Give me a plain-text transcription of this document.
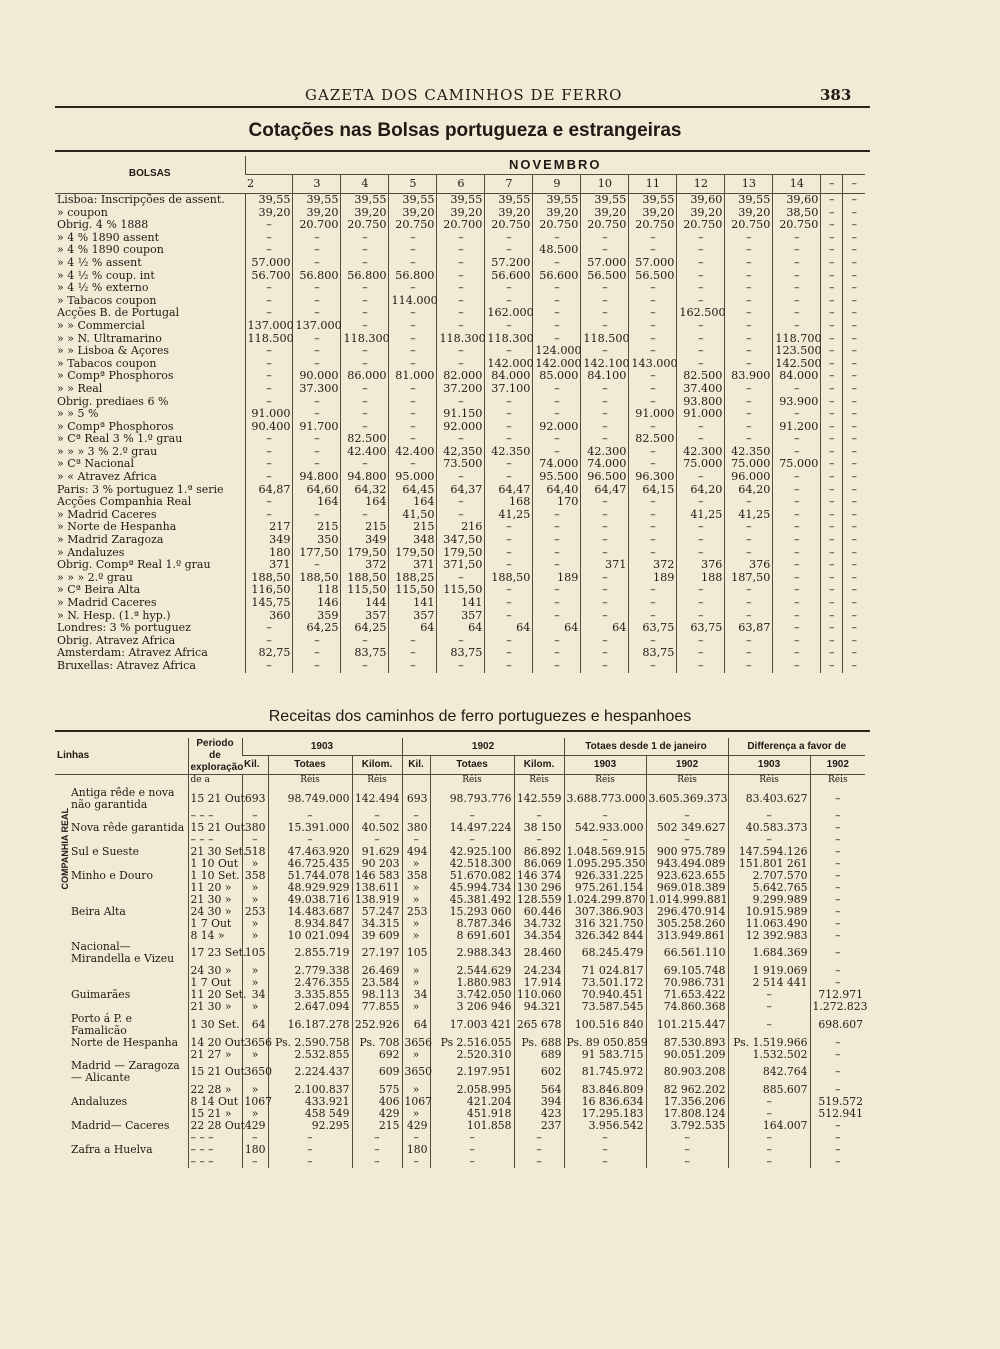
GAZETA DOS CAMINHOS DE FERRO	383
Cotações nas Bolsas portugueza e estrangeiras
BOLSAS	NOVEMBRO													
	2	3	4	5	6	7	9	10	11	12	13	14	–	–
Lisboa: Inscripções de assent.	39,55	39,55	39,55	39,55	39,55	39,55	39,55	39,55	39,55	39,60	39,55	39,60	–	–
» coupon	39,20	39,20	39,20	39,20	39,20	39,20	39,20	39,20	39,20	39,20	39,20	38,50	–	–
Obrig. 4 % 1888	–	20.700	20.750	20.750	20.700	20.750	20.750	20.750	20.750	20.750	20.750	20.750	–	–
» 4 % 1890 assent	–	–	–	–	–	–	–	–	–	–	–	–	–	–
» 4 % 1890 coupon	–	–	–	–	–	–	48.500	–	–	–	–	–	–	–
» 4 ½ % assent	57.000	–	–	–	–	57.200	–	57.000	57.000	–	–	–	–	–
» 4 ½ % coup. int	56.700	56.800	56.800	56.800	–	56.600	56.600	56.500	56.500	–	–	–	–	–
» 4 ½ % externo	–	–	–	–	–	–	–	–	–	–	–	–	–	–
» Tabacos coupon	–	–	–	114.000	–	–	–	–	–	–	–	–	–	–
Acções B. de Portugal	–	–	–	–	–	162.000	–	–	–	162.500	–	–	–	–
» » Commercial	137.000	137.000	–	–	–	–	–	–	–	–	–	–	–	–
» » N. Ultramarino	118.500	–	118.300	–	118.300	118.300	–	118.500	–	–	–	118.700	–	–
» » Lisboa & Açores	–	–	–	–	–	–	124.000	–	–	–	–	123.500	–	–
» Tabacos coupon	–	–	–	–	–	142.000	142.000	142.100	143.000	–	–	142.500	–	–
» Compª Phosphoros	–	90.000	86.000	81.000	82.000	84.000	85.000	84.100	–	82.500	83.900	84.000	–	–
» » Real	–	37.300	–	–	37.200	37.100	–	–	–	37.400	–	–	–	–
Obrig. prediaes 6 %	–	–	–	–	–	–	–	–	–	93.800	–	93.900	–	–
» » 5 %	91.000	–	–	–	91.150	–	–	–	91.000	91.000	–	–	–	–
» Compª Phosphoros	90.400	91.700	–	–	92.000	–	92.000	–	–	–	–	91.200	–	–
» Cª Real 3 % 1.º grau	–	–	82.500	–	–	–	–	–	82.500	–	–	–	–	–
» » » 3 % 2.º grau	–	–	42.400	42.400	42,350	42.350	–	42.300	–	42.300	42.350	–	–	–
» Cª Nacional	–	–	–	–	73.500	–	74.000	74.000	–	75.000	75.000	75.000	–	–
» « Atravez Africa	–	94.800	94.800	95.000	–	–	95.500	96.500	96.300	–	96.000	–	–	–
Paris: 3 % portuguez 1.ª serie	64,87	64,60	64,32	64,45	64,37	64,47	64,40	64,47	64,15	64,20	64,20	–	–	–
Acções Companhia Real	–	164	164	164	–	168	170	–	–	–	–	–	–	–
» Madrid Caceres	–	–	–	41,50	–	41,25	–	–	–	41,25	41,25	–	–	–
» Norte de Hespanha	217	215	215	215	216	–	–	–	–	–	–	–	–	–
» Madrid Zaragoza	349	350	349	348	347,50	–	–	–	–	–	–	–	–	–
» Andaluzes	180	177,50	179,50	179,50	179,50	–	–	–	–	–	–	–	–	–
Obrig. Compª Real 1.º grau	371	–	372	371	371,50	–	–	371	372	376	376	–	–	–
» » » 2.º grau	188,50	188,50	188,50	188,25	–	188,50	189	–	189	188	187,50	–	–	–
» Cª Beira Alta	116,50	118	115,50	115,50	115,50	–	–	–	–	–	–	–	–	–
» Madrid Caceres	145,75	146	144	141	141	–	–	–	–	–	–	–	–	–
» N. Hesp. (1.ª hyp.)	360	359	357	357	357	–	–	–	–	–	–	–	–	–
Londres: 3 % portuguez	–	64,25	64,25	64	64	64	64	64	63,75	63,75	63,87	–	–	–
Obrig. Atravez Africa	–	–	–	–	–	–	–	–	–	–	–	–	–	–
Amsterdam: Atravez Africa	82,75	–	83,75	–	83,75	–	–	–	83,75	–	–	–	–	–
Bruxellas: Atravez Africa	–	–	–	–	–	–	–	–	–	–	–	–	–	–
Receitas dos caminhos de ferro portuguezes e hespanhoes
Linhas	Periodo de exploração	1903			1902			Totaes desde 1 de janeiro		Differença a favor de	
		Kil.	Totaes	Kilom.	Kil.	Totaes	Kilom.	1903	1902	1903	1902
	de a		Réis	Réis		Réis	Réis	Réis	Réis	Réis	Réis
Antiga rêde e nova não garantida	15 21 Out	693	98.749.000	142.494	693	98.793.776	142.559	3.688.773.000	3.605.369.373	83.403.627	–
	– – –	–	–	–	–	–	–	–	–	–	–
Nova rêde garantida	15 21 Out	380	15.391.000	40.502	380	14.497.224	38 150	542.933.000	502 349.627	40.583.373	–
	– – –	–	–	–	–	–	–	–	–	–	–
Sul e Sueste	21 30 Set.	518	47.463.920	91.629	494	42.925.100	86.892	1.048.569.915	900 975.789	147.594.126	–
	1 10 Out	»	46.725.435	90 203	»	42.518.300	86.069	1.095.295.350	943.494.089	151.801 261	–
Minho e Douro	1 10 Set.	358	51.744.078	146 583	358	51.670.082	146 374	926.331.225	923.623.655	2.707.570	–
	11 20 »	»	48.929.929	138.611	»	45.994.734	130 296	975.261.154	969.018.389	5.642.765	–
	21 30 »	»	49.038.716	138.919	»	45.381.492	128.559	1.024.299.870	1.014.999.881	9.299.989	–
Beira Alta	24 30 »	253	14.483.687	57.247	253	15.293 060	60.446	307.386.903	296.470.914	10.915.989	–
	1 7 Out	»	8.934.847	34.315	»	8.787.346	34.732	316 321.750	305.258.260	11.063.490	–
	8 14 »	»	10 021.094	39 609	»	8 691.601	34.354	326.342 844	313.949.861	12 392.983	–
Nacional—Mirandella e Vizeu	17 23 Set.	105	2.855.719	27.197	105	2.988.343	28.460	68.245.479	66.561.110	1.684.369	–
	24 30 »	»	2.779.338	26.469	»	2.544.629	24.234	71 024.817	69.105.748	1 919.069	–
	1 7 Out	»	2.476.355	23.584	»	1.880.983	17.914	73.501.172	70.986.731	2 514 441	–
Guimarães	11 20 Set.	34	3.335.855	98.113	34	3.742.050	110.060	70.940.451	71.653.422	–	712.971
	21 30 »	»	2.647.094	77.855	»	3 206 946	94.321	73.587.545	74.860.368	–	1.272.823
Porto á P. e Famalicão	1 30 Set.	64	16.187.278	252.926	64	17.003 421	265 678	100.516 840	101.215.447	–	698.607
Norte de Hespanha	14 20 Out	3656	Ps. 2.590.758	Ps. 708	3656	Ps 2.516.055	Ps. 688	Ps. 89 050.859	87.530.893	Ps. 1.519.966	–
	21 27 »	»	2.532.855	692	»	2.520.310	689	91 583.715	90.051.209	1.532.502	–
Madrid — Zaragoza — Alicante	15 21 Out	3650	2.224.437	609	3650	2.197.951	602	81.745.972	80.903.208	842.764	–
	22 28 »	»	2.100.837	575	»	2.058.995	564	83.846.809	82 962.202	885.607	–
Andaluzes	8 14 Out	1067	433.921	406	1067	421.204	394	16 836.634	17.356.206	–	519.572
	15 21 »	»	458 549	429	»	451.918	423	17.295.183	17.808.124	–	512.941
Madrid— Caceres	22 28 Out	429	92.295	215	429	101.858	237	3.956.542	3.792.535	164.007	–
	– – –	–	–	–	–	–	–	–	–	–	–
Zafra a Huelva	– – –	180	–	–	180	–	–	–	–	–	–
	– – –	–	–	–	–	–	–	–	–	–	–
COMPANHIA REAL
